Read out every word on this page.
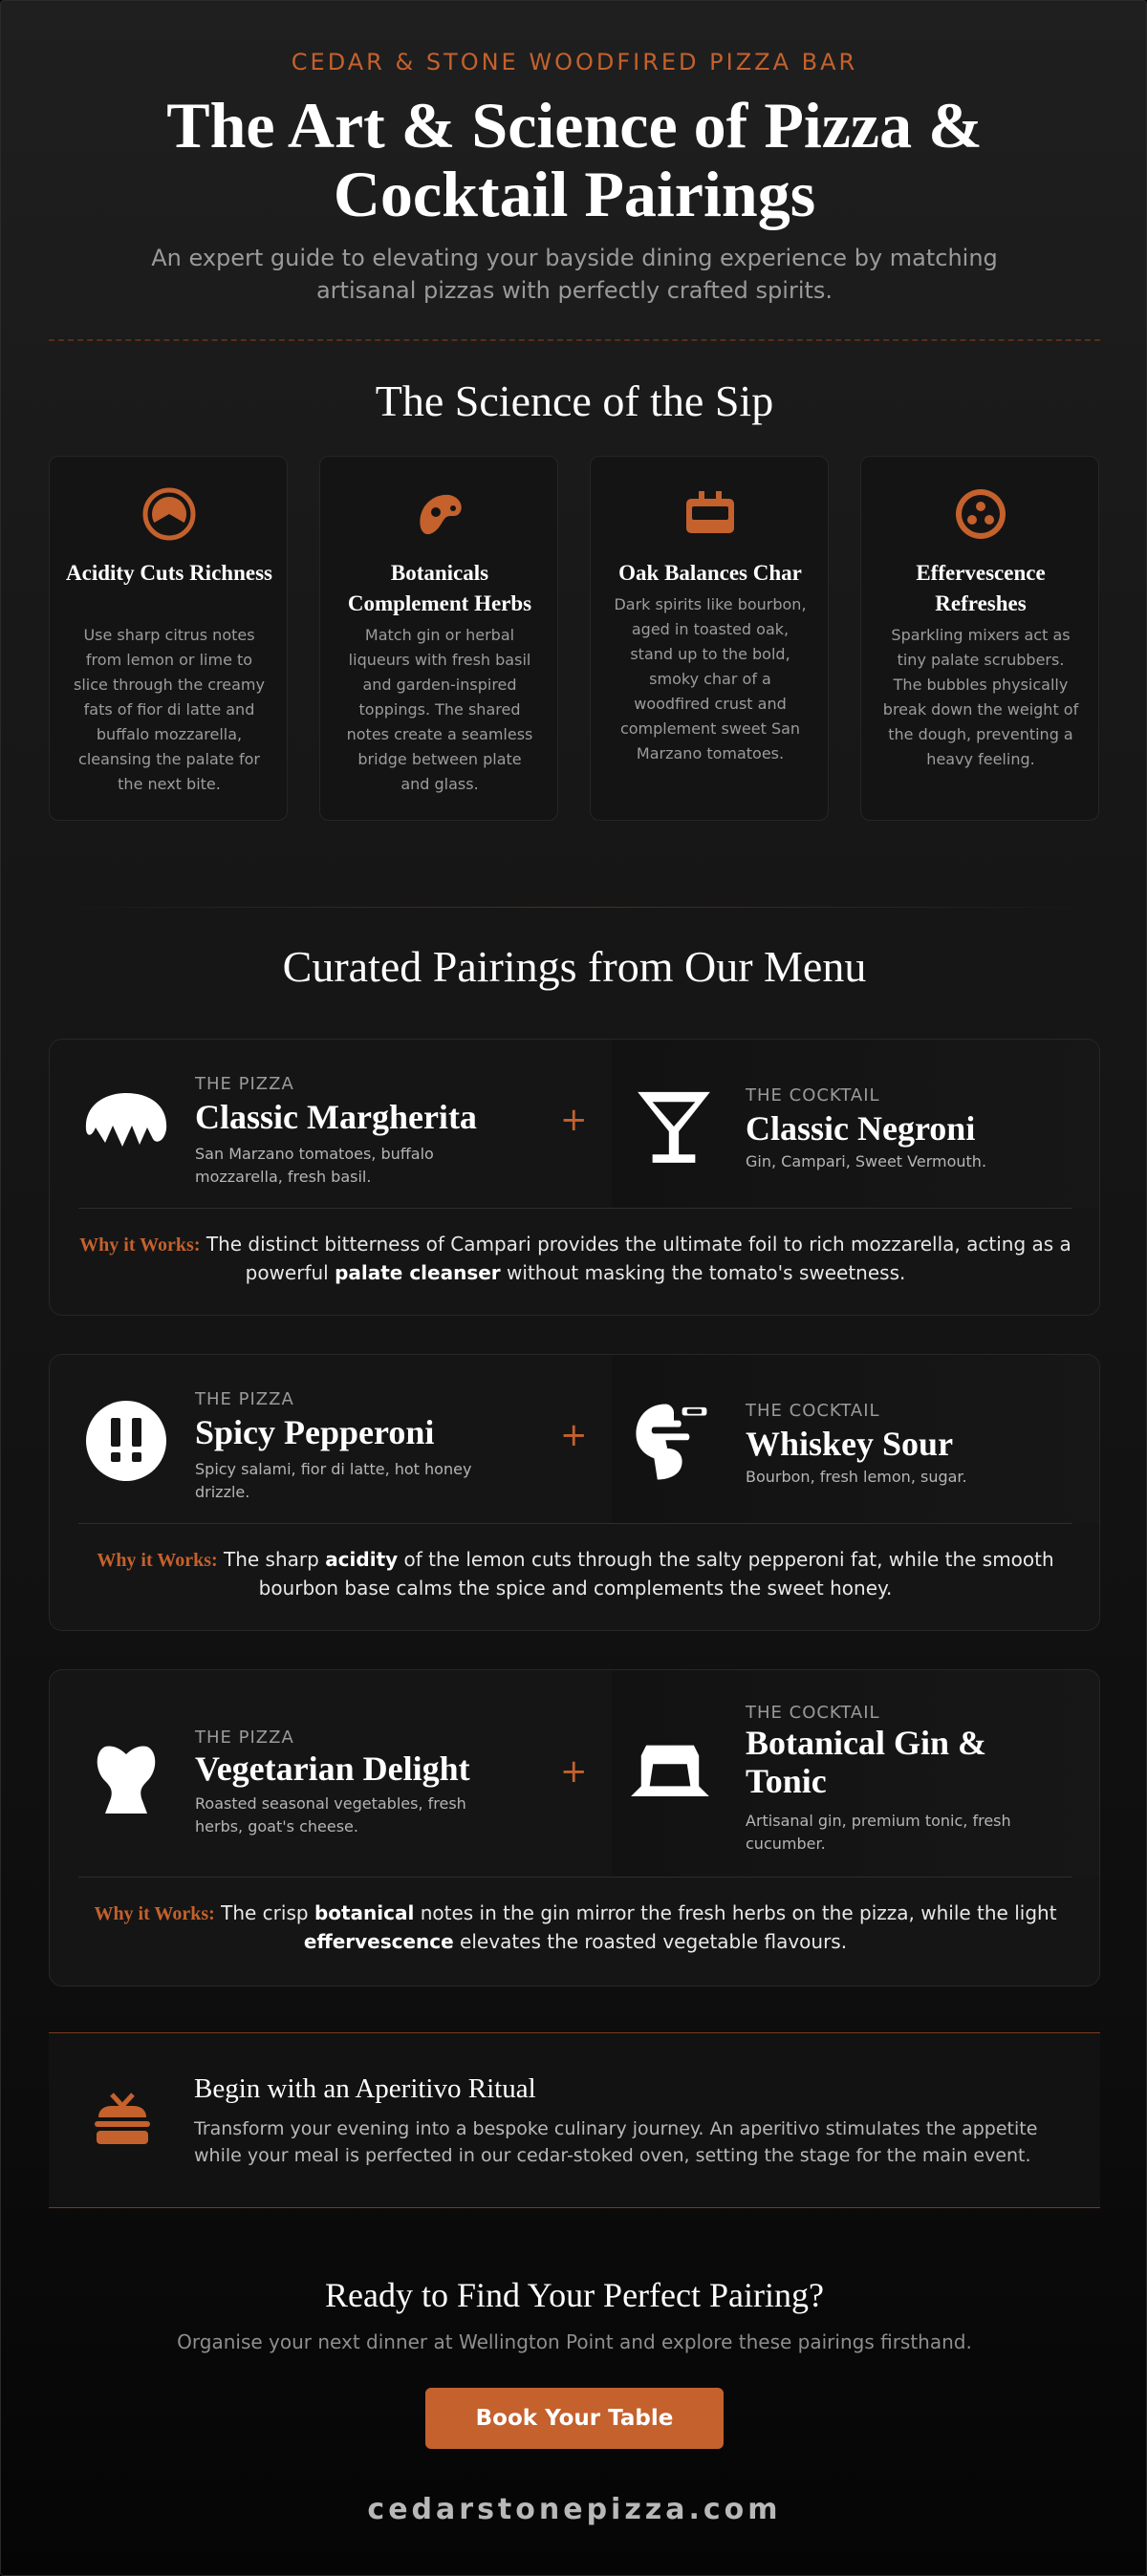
CEDAR & STONE WOODFIRED PIZZA BAR
The Art & Science of Pizza &
Cocktail Pairings
An expert guide to elevating your bayside dining experience by matching artisanal pizzas with perfectly crafted spirits.
The Science of the Sip
Acidity Cuts Richness
Use sharp citrus notes from lemon or lime to slice through the creamy fats of fior di latte and buffalo mozzarella, cleansing the palate for the next bite.
Botanicals Complement Herbs
Match gin or herbal liqueurs with fresh basil and garden-inspired toppings. The shared notes create a seamless bridge between plate and glass.
Oak Balances Char
Dark spirits like bourbon, aged in toasted oak, stand up to the bold, smoky char of a woodfired crust and complement sweet San Marzano tomatoes.
Effervescence Refreshes
Sparkling mixers act as tiny palate scrubbers. The bubbles physically break down the weight of the dough, preventing a heavy feeling.
Curated Pairings from Our Menu
THE PIZZA
Classic Margherita
San Marzano tomatoes, buffalo mozzarella, fresh basil.
+
THE COCKTAIL
Classic Negroni
Gin, Campari, Sweet Vermouth.
Why it Works: The distinct bitterness of Campari provides the ultimate foil to rich mozzarella, acting as a powerful palate cleanser without masking the tomato's sweetness.
THE PIZZA
Spicy Pepperoni
Spicy salami, fior di latte, hot honey drizzle.
+
THE COCKTAIL
Whiskey Sour
Bourbon, fresh lemon, sugar.
Why it Works: The sharp acidity of the lemon cuts through the salty pepperoni fat, while the smooth bourbon base calms the spice and complements the sweet honey.
THE PIZZA
Vegetarian Delight
Roasted seasonal vegetables, fresh herbs, goat's cheese.
+
THE COCKTAIL
Botanical Gin & Tonic
Artisanal gin, premium tonic, fresh cucumber.
Why it Works: The crisp botanical notes in the gin mirror the fresh herbs on the pizza, while the light effervescence elevates the roasted vegetable flavours.
Begin with an Aperitivo Ritual
Transform your evening into a bespoke culinary journey. An aperitivo stimulates the appetite while your meal is perfected in our cedar-stoked oven, setting the stage for the main event.
Ready to Find Your Perfect Pairing?
Organise your next dinner at Wellington Point and explore these pairings firsthand.
Book Your Table
cedarstonepizza.com
